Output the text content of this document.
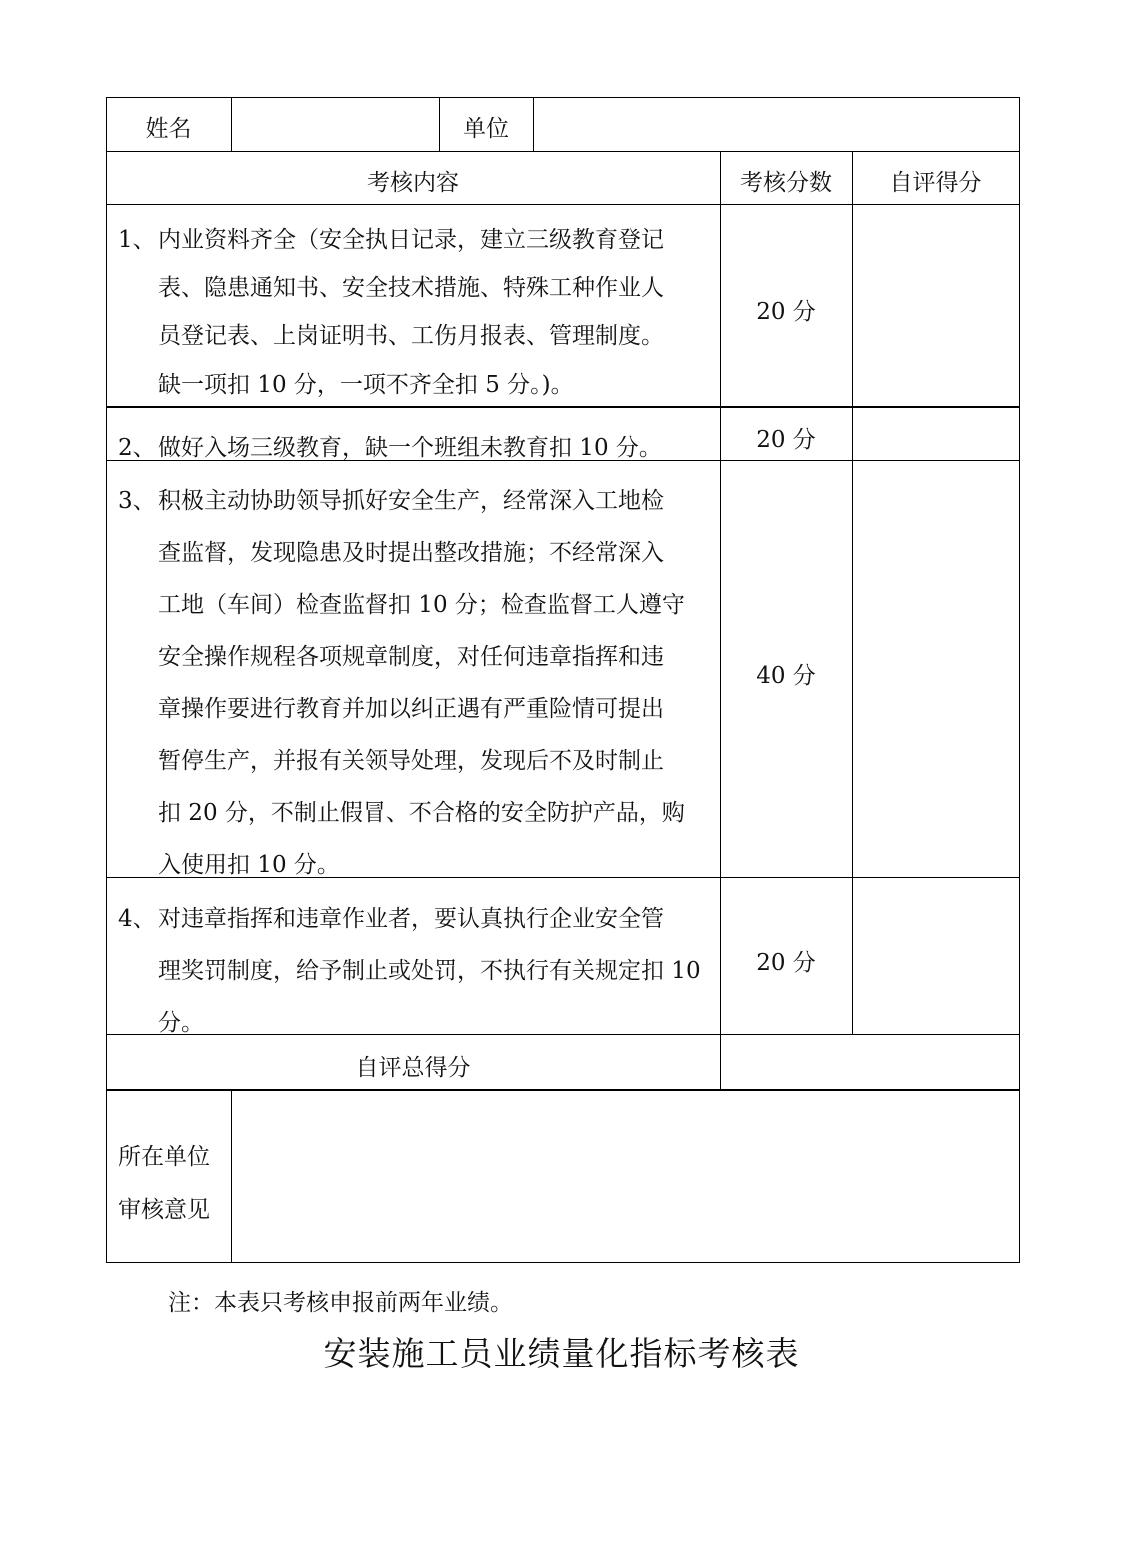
姓名	单位
考核内容	考核分数	自评得分
1、 内业资料齐全（安全执日记录，建立三级教育登记
表、隐患通知书、安全技术措施、特殊工种作业人
员登记表、上岗证明书、工伤月报表、管理制度。
缺一项扣 10 分，一项不齐全扣 5 分。)。
20 分
2、 做好入场三级教育，缺一个班组未教育扣 10 分。	20 分
3、 积极主动协助领导抓好安全生产，经常深入工地检
查监督，发现隐患及时提出整改措施；不经常深入
工地（车间）检查监督扣 10 分；检查监督工人遵守
安全操作规程各项规章制度，对任何违章指挥和违
章操作要进行教育并加以纠正遇有严重险情可提出
暂停生产，并报有关领导处理，发现后不及时制止
扣 20 分，不制止假冒、不合格的安全防护产品，购
入使用扣 10 分。
40 分
4、 对违章指挥和违章作业者，要认真执行企业安全管
理奖罚制度，给予制止或处罚，不执行有关规定扣 10
分。
20 分
自评总得分
所在单位
审核意见
注：本表只考核申报前两年业绩。
安装施工员业绩量化指标考核表
